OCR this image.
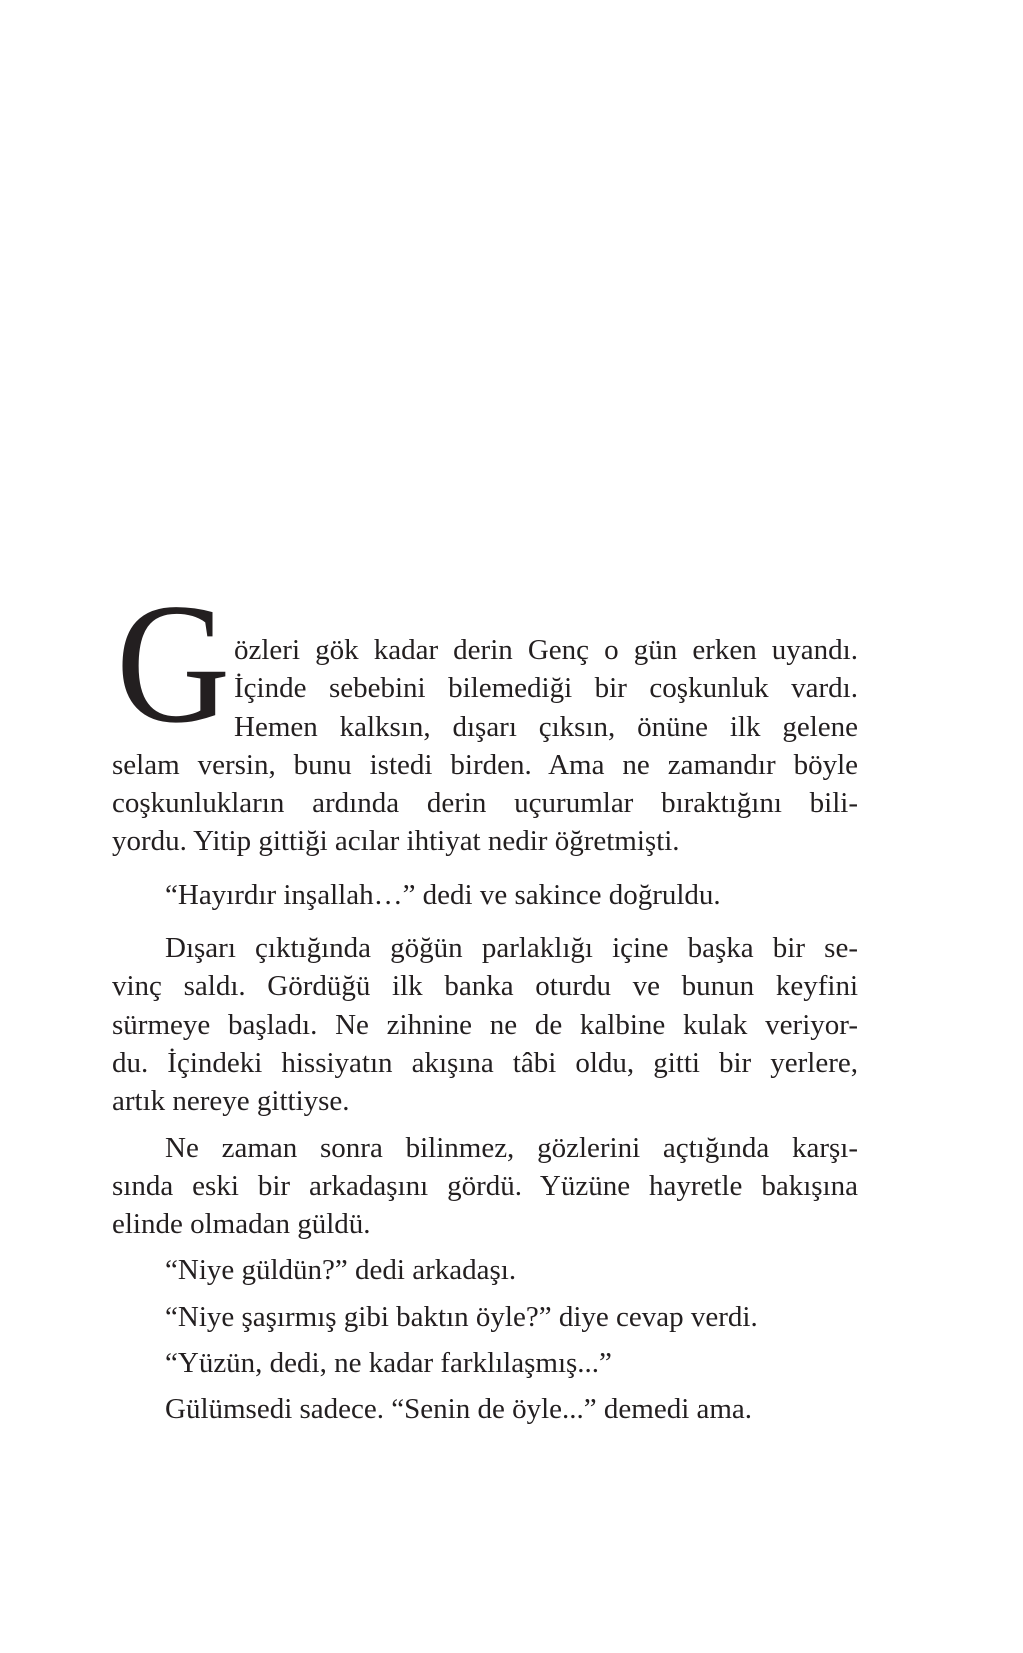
G özleri gök kadar derin Genç o gün erken uyandı.
İçinde sebebini bilemediği bir coşkunluk vardı.
Hemen kalksın, dışarı çıksın, önüne ilk gelene
selam versin, bunu istedi birden. Ama ne zamandır böyle
coşkunlukların ardında derin uçurumlar bıraktığını bili-
yordu. Yitip gittiği acılar ihtiyat nedir öğretmişti.
“Hayırdır inşallah…” dedi ve sakince doğruldu.
Dışarı çıktığında göğün parlaklığı içine başka bir se-
vinç saldı. Gördüğü ilk banka oturdu ve bunun keyfini
sürmeye başladı. Ne zihnine ne de kalbine kulak veriyor-
du. İçindeki hissiyatın akışına tâbi oldu, gitti bir yerlere,
artık nereye gittiyse.
Ne zaman sonra bilinmez, gözlerini açtığında karşı-
sında eski bir arkadaşını gördü. Yüzüne hayretle bakışına
elinde olmadan güldü.
“Niye güldün?” dedi arkadaşı.
“Niye şaşırmış gibi baktın öyle?” diye cevap verdi.
“Yüzün, dedi, ne kadar farklılaşmış...”
Gülümsedi sadece. “Senin de öyle...” demedi ama.
